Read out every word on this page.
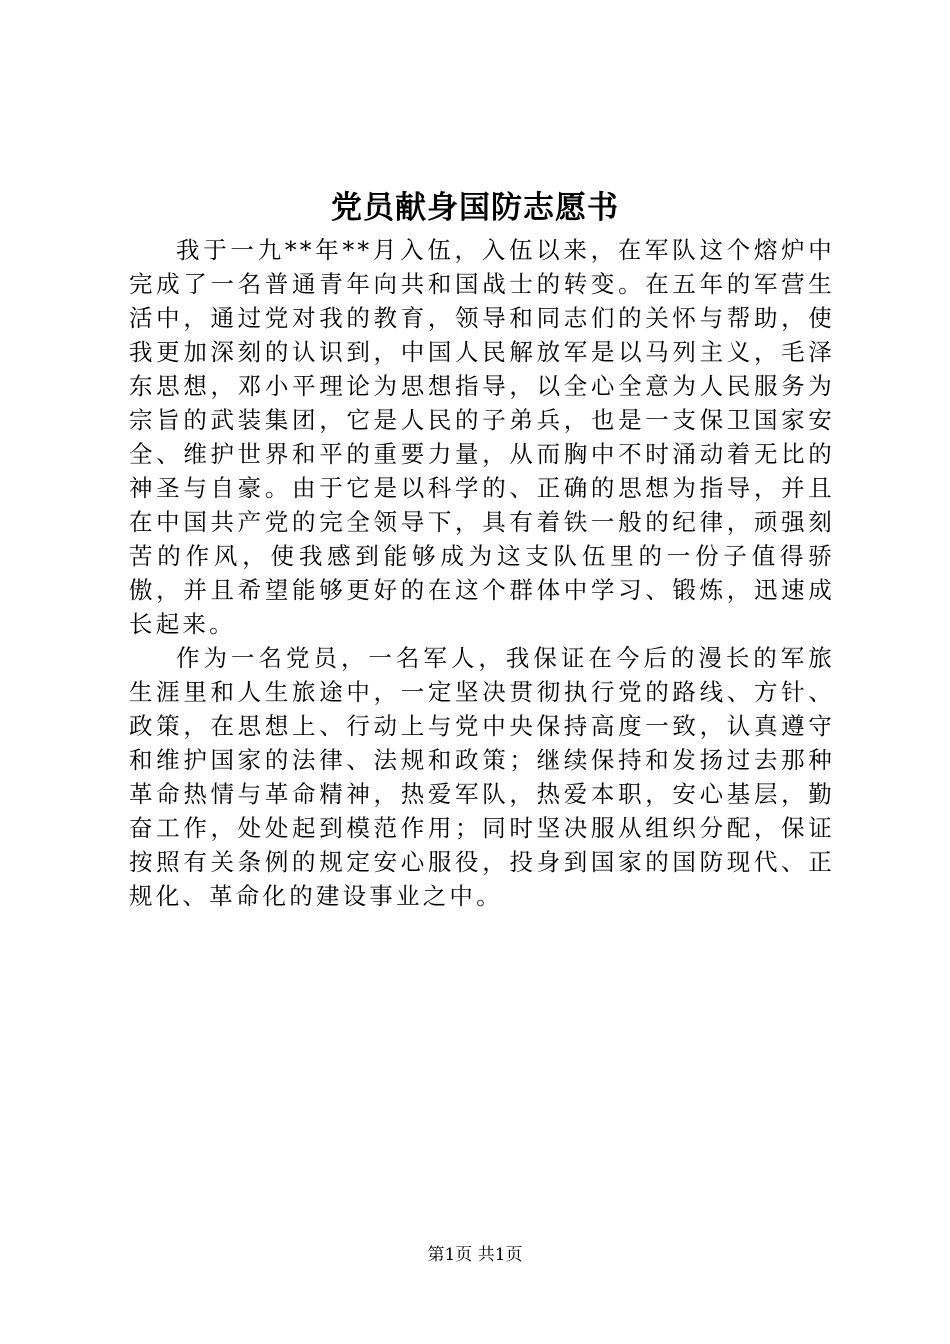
党员献身国防志愿书

我于一九**年**月入伍，入伍以来，在军队这个熔炉中完成了一名普通青年向共和国战士的转变。在五年的军营生活中，通过党对我的教育，领导和同志们的关怀与帮助，使我更加深刻的认识到，中国人民解放军是以马列主义，毛泽东思想，邓小平理论为思想指导，以全心全意为人民服务为宗旨的武装集团，它是人民的子弟兵，也是一支保卫国家安全、维护世界和平的重要力量，从而胸中不时涌动着无比的神圣与自豪。由于它是以科学的、正确的思想为指导，并且在中国共产党的完全领导下，具有着铁一般的纪律，顽强刻苦的作风，使我感到能够成为这支队伍里的一份子值得骄傲，并且希望能够更好的在这个群体中学习、锻炼，迅速成长起来。

作为一名党员，一名军人，我保证在今后的漫长的军旅生涯里和人生旅途中，一定坚决贯彻执行党的路线、方针、政策，在思想上、行动上与党中央保持高度一致，认真遵守和维护国家的法律、法规和政策；继续保持和发扬过去那种革命热情与革命精神，热爱军队，热爱本职，安心基层，勤奋工作，处处起到模范作用；同时坚决服从组织分配，保证按照有关条例的规定安心服役，投身到国家的国防现代、正规化、革命化的建设事业之中。

第1页 共1页
